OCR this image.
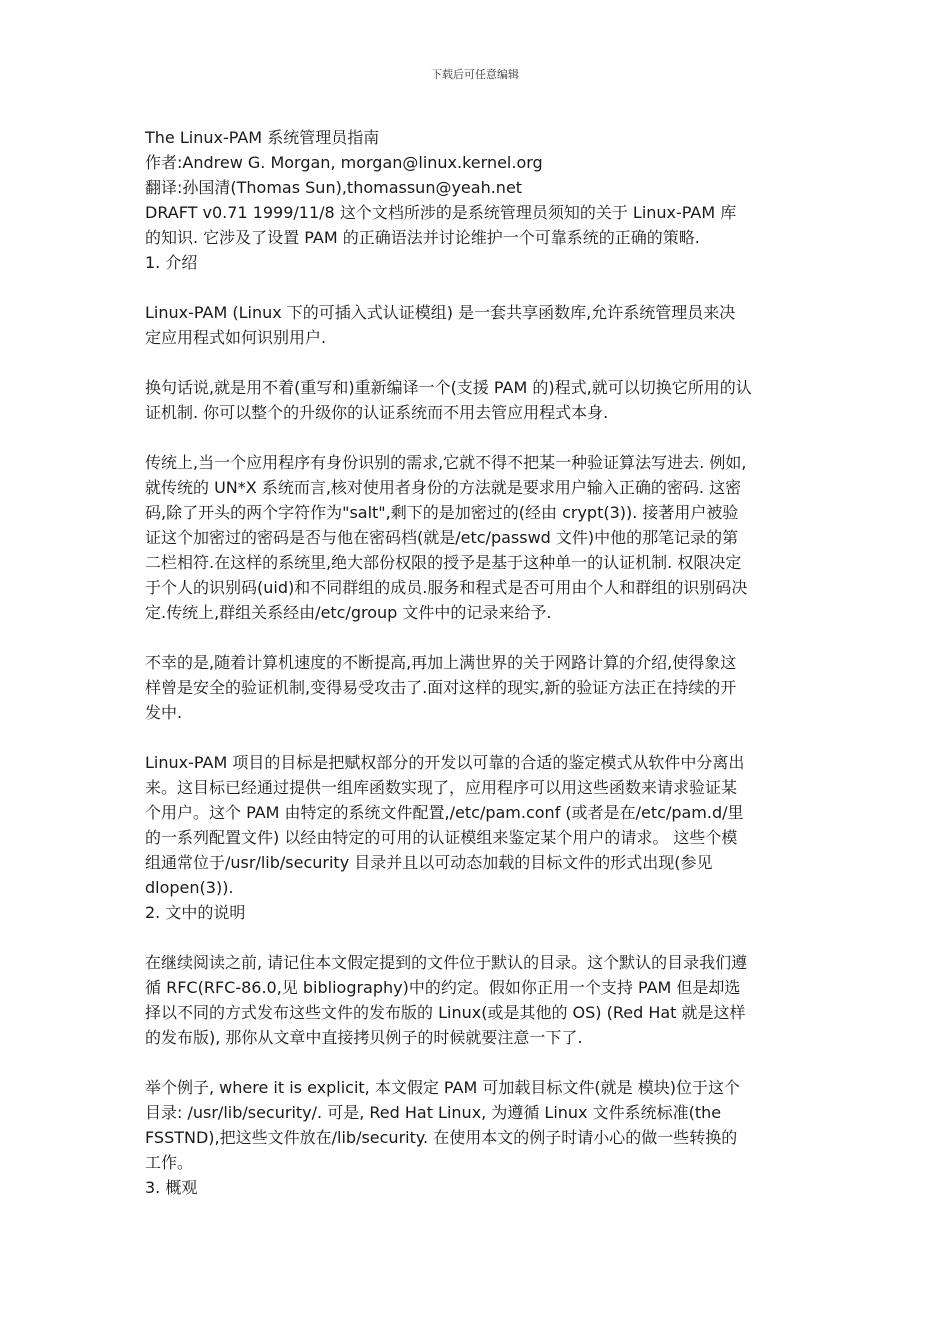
下载后可任意编辑
The Linux-PAM 系统管理员指南
作者:Andrew G. Morgan, morgan@linux.kernel.org
翻译:孙国清(Thomas Sun),thomassun@yeah.net
DRAFT v0.71 1999/11/8 这个文档所涉的是系统管理员须知的关于 Linux-PAM 库
的知识. 它涉及了设置 PAM 的正确语法并讨论维护一个可靠系统的正确的策略.
1. 介绍
Linux-PAM (Linux 下的可插入式认证模组) 是一套共享函数库,允许系统管理员来决
定应用程式如何识别用户.
换句话说,就是用不着(重写和)重新编译一个(支援 PAM 的)程式,就可以切换它所用的认
证机制. 你可以整个的升级你的认证系统而不用去管应用程式本身.
传统上,当一个应用程序有身份识别的需求,它就不得不把某一种验证算法写进去. 例如,
就传统的 UN*X 系统而言,核对使用者身份的方法就是要求用户输入正确的密码. 这密
码,除了开头的两个字符作为"salt",剩下的是加密过的(经由 crypt(3)). 接著用户被验
证这个加密过的密码是否与他在密码档(就是/etc/passwd 文件)中他的那笔记录的第
二栏相符.在这样的系统里,绝大部份权限的授予是基于这种单一的认证机制. 权限决定
于个人的识别码(uid)和不同群组的成员.服务和程式是否可用由个人和群组的识别码决
定.传统上,群组关系经由/etc/group 文件中的记录来给予.
不幸的是,随着计算机速度的不断提高,再加上满世界的关于网路计算的介绍,使得象这
样曾是安全的验证机制,变得易受攻击了.面对这样的现实,新的验证方法正在持续的开
发中.
Linux-PAM 项目的目标是把赋权部分的开发以可靠的合适的鉴定模式从软件中分离出
来。这目标已经通过提供一组库函数实现了，应用程序可以用这些函数来请求验证某
个用户。这个 PAM 由特定的系统文件配置,/etc/pam.conf (或者是在/etc/pam.d/里
的一系列配置文件) 以经由特定的可用的认证模组来鉴定某个用户的请求。 这些个模
组通常位于/usr/lib/security 目录并且以可动态加载的目标文件的形式出现(参见
dlopen(3)).
2. 文中的说明
在继续阅读之前, 请记住本文假定提到的文件位于默认的目录。这个默认的目录我们遵
循 RFC(RFC-86.0,见 bibliography)中的约定。假如你正用一个支持 PAM 但是却选
择以不同的方式发布这些文件的发布版的 Linux(或是其他的 OS) (Red Hat 就是这样
的发布版), 那你从文章中直接拷贝例子的时候就要注意一下了.
举个例子, where it is explicit, 本文假定 PAM 可加载目标文件(就是 模块)位于这个
目录: /usr/lib/security/. 可是, Red Hat Linux, 为遵循 Linux 文件系统标准(the
FSSTND),把这些文件放在/lib/security. 在使用本文的例子时请小心的做一些转换的
工作。
3. 概观
